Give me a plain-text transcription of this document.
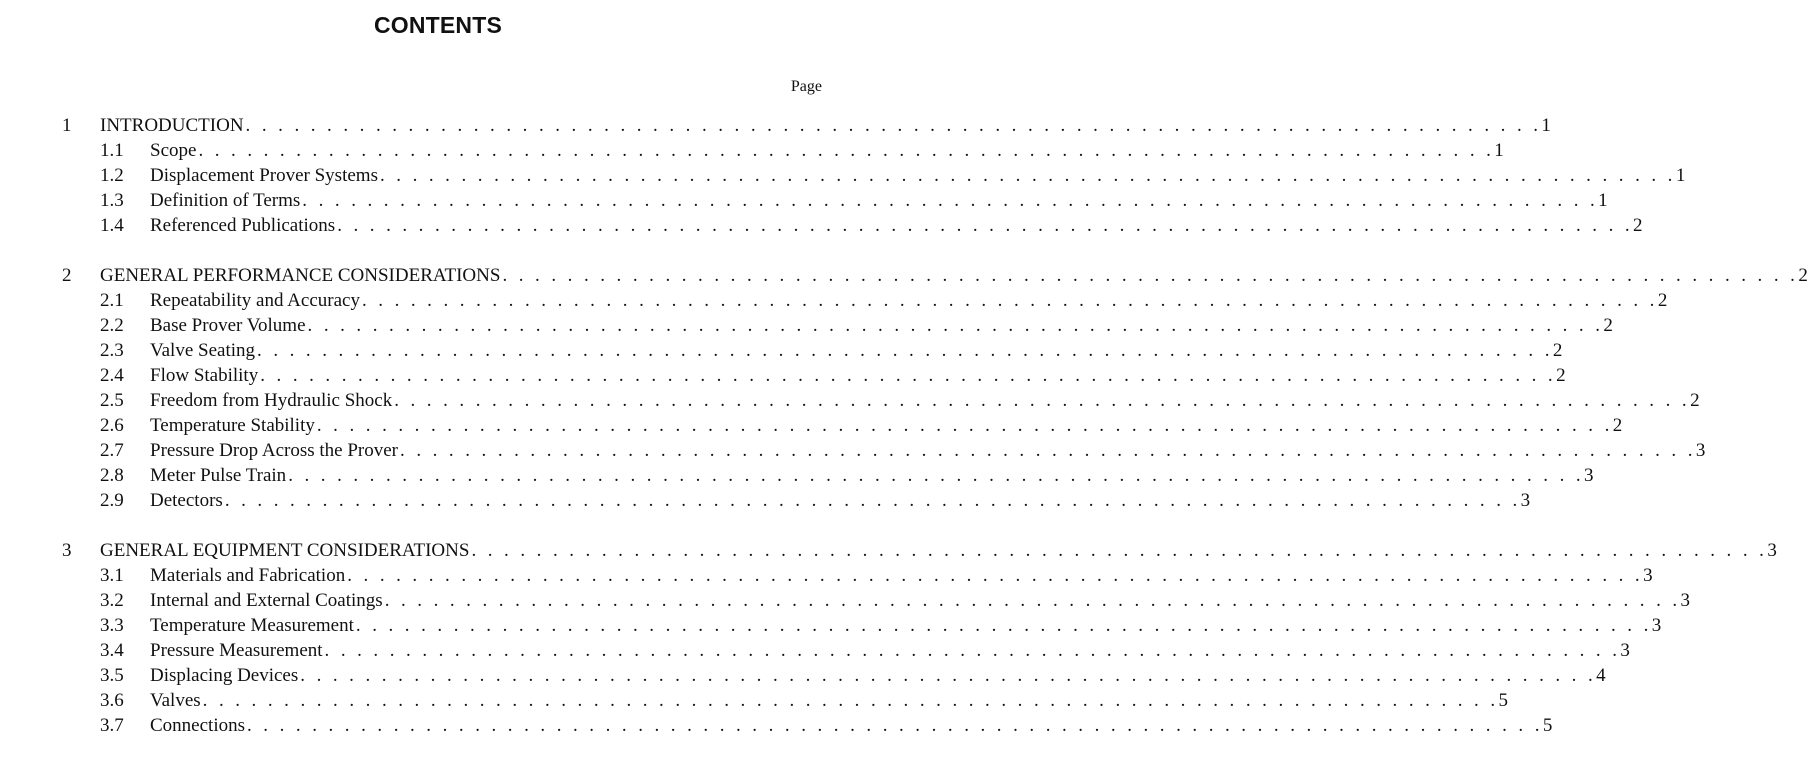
CONTENTS
Page
1 INTRODUCTION . . . . . . . . . . . . . . . . . . . . . . . . . . . . . . . . . . . . . . . . . . . . . . . . . . . . . . . . . . . . . . . . . . . . . . . . . . . . . . . . 1
1.1 Scope . . . . . . . . . . . . . . . . . . . . . . . . . . . . . . . . . . . . . . . . . . . . . . . . . . . . . . . . . . . . . . . . . . . . . . . . . . . . . . . . 1
1.2 Displacement Prover Systems . . . . . . . . . . . . . . . . . . . . . . . . . . . . . . . . . . . . . . . . . . . . . . . . . . . . . . . . . . . . . . . . . . . . . . . . . . . . . . . . 1
1.3 Definition of Terms . . . . . . . . . . . . . . . . . . . . . . . . . . . . . . . . . . . . . . . . . . . . . . . . . . . . . . . . . . . . . . . . . . . . . . . . . . . . . . . . 1
1.4 Referenced Publications . . . . . . . . . . . . . . . . . . . . . . . . . . . . . . . . . . . . . . . . . . . . . . . . . . . . . . . . . . . . . . . . . . . . . . . . . . . . . . . . 2
2 GENERAL PERFORMANCE CONSIDERATIONS . . . . . . . . . . . . . . . . . . . . . . . . . . . . . . . . . . . . . . . . . . . . . . . . . . . . . . . . . . . . . . . . . . . . . . . . . . . . . . . . 2
2.1 Repeatability and Accuracy . . . . . . . . . . . . . . . . . . . . . . . . . . . . . . . . . . . . . . . . . . . . . . . . . . . . . . . . . . . . . . . . . . . . . . . . . . . . . . . . 2
2.2 Base Prover Volume . . . . . . . . . . . . . . . . . . . . . . . . . . . . . . . . . . . . . . . . . . . . . . . . . . . . . . . . . . . . . . . . . . . . . . . . . . . . . . . . 2
2.3 Valve Seating . . . . . . . . . . . . . . . . . . . . . . . . . . . . . . . . . . . . . . . . . . . . . . . . . . . . . . . . . . . . . . . . . . . . . . . . . . . . . . . . 2
2.4 Flow Stability . . . . . . . . . . . . . . . . . . . . . . . . . . . . . . . . . . . . . . . . . . . . . . . . . . . . . . . . . . . . . . . . . . . . . . . . . . . . . . . . 2
2.5 Freedom from Hydraulic Shock . . . . . . . . . . . . . . . . . . . . . . . . . . . . . . . . . . . . . . . . . . . . . . . . . . . . . . . . . . . . . . . . . . . . . . . . . . . . . . . . 2
2.6 Temperature Stability . . . . . . . . . . . . . . . . . . . . . . . . . . . . . . . . . . . . . . . . . . . . . . . . . . . . . . . . . . . . . . . . . . . . . . . . . . . . . . . . 2
2.7 Pressure Drop Across the Prover . . . . . . . . . . . . . . . . . . . . . . . . . . . . . . . . . . . . . . . . . . . . . . . . . . . . . . . . . . . . . . . . . . . . . . . . . . . . . . . . 3
2.8 Meter Pulse Train . . . . . . . . . . . . . . . . . . . . . . . . . . . . . . . . . . . . . . . . . . . . . . . . . . . . . . . . . . . . . . . . . . . . . . . . . . . . . . . . 3
2.9 Detectors . . . . . . . . . . . . . . . . . . . . . . . . . . . . . . . . . . . . . . . . . . . . . . . . . . . . . . . . . . . . . . . . . . . . . . . . . . . . . . . . 3
3 GENERAL EQUIPMENT CONSIDERATIONS . . . . . . . . . . . . . . . . . . . . . . . . . . . . . . . . . . . . . . . . . . . . . . . . . . . . . . . . . . . . . . . . . . . . . . . . . . . . . . . . 3
3.1 Materials and Fabrication . . . . . . . . . . . . . . . . . . . . . . . . . . . . . . . . . . . . . . . . . . . . . . . . . . . . . . . . . . . . . . . . . . . . . . . . . . . . . . . . 3
3.2 Internal and External Coatings . . . . . . . . . . . . . . . . . . . . . . . . . . . . . . . . . . . . . . . . . . . . . . . . . . . . . . . . . . . . . . . . . . . . . . . . . . . . . . . . 3
3.3 Temperature Measurement . . . . . . . . . . . . . . . . . . . . . . . . . . . . . . . . . . . . . . . . . . . . . . . . . . . . . . . . . . . . . . . . . . . . . . . . . . . . . . . . 3
3.4 Pressure Measurement . . . . . . . . . . . . . . . . . . . . . . . . . . . . . . . . . . . . . . . . . . . . . . . . . . . . . . . . . . . . . . . . . . . . . . . . . . . . . . . . 3
3.5 Displacing Devices . . . . . . . . . . . . . . . . . . . . . . . . . . . . . . . . . . . . . . . . . . . . . . . . . . . . . . . . . . . . . . . . . . . . . . . . . . . . . . . . 4
3.6 Valves . . . . . . . . . . . . . . . . . . . . . . . . . . . . . . . . . . . . . . . . . . . . . . . . . . . . . . . . . . . . . . . . . . . . . . . . . . . . . . . . 5
3.7 Connections . . . . . . . . . . . . . . . . . . . . . . . . . . . . . . . . . . . . . . . . . . . . . . . . . . . . . . . . . . . . . . . . . . . . . . . . . . . . . . . . 5
